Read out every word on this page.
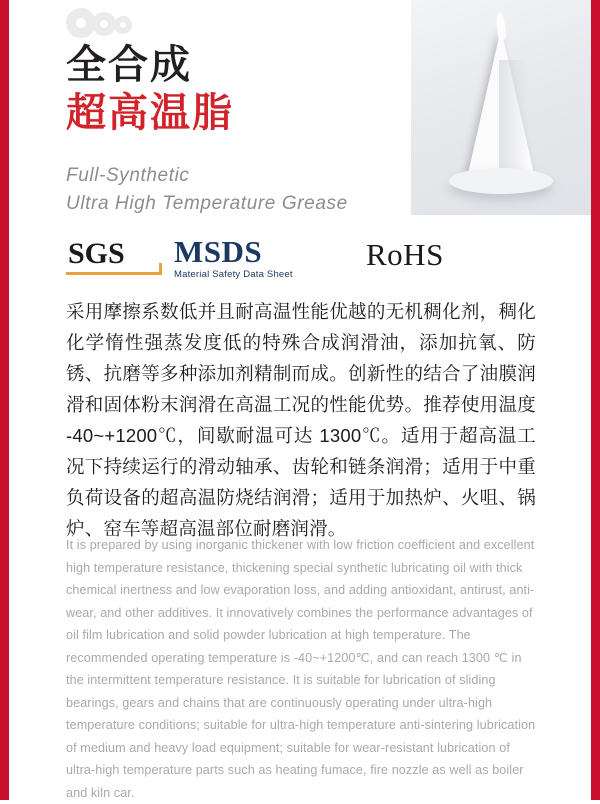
全合成
超高温脂
Full-Synthetic
Ultra High Temperature Grease
SGS	MSDS
Material Safety Data Sheet
RoHS
采用摩擦系数低并且耐高温性能优越的无机稠化剂，稠化化学惰性强蒸发度低的特殊合成润滑油，添加抗氧、防锈、抗磨等多种添加剂精制而成。创新性的结合了油膜润滑和固体粉末润滑在高温工况的性能优势。推荐使用温度 -40~+1200℃，间歇耐温可达 1300℃。适用于超高温工况下持续运行的滑动轴承、齿轮和链条润滑；适用于中重负荷设备的超高温防烧结润滑；适用于加热炉、火咀、锅炉、窑车等超高温部位耐磨润滑。
It is prepared by using inorganic thickener with low friction coefficient and excellent high temperature resistance, thickening special synthetic lubricating oil with thick chemical inertness and low evaporation loss, and adding antioxidant, antirust, anti-wear, and other additives. It innovatively combines the performance advantages of oil film lubrication and solid powder lubrication at high temperature. The recommended operating temperature is -40~+1200℃, and can reach 1300 ℃ in the intermittent temperature resistance. It is suitable for lubrication of sliding bearings, gears and chains that are continuously operating under ultra-high temperature conditions; suitable for ultra-high temperature anti-sintering lubrication of medium and heavy load equipment; suitable for wear-resistant lubrication of ultra-high temperature parts such as heating fumace, fire nozzle as well as boiler and kiln car.
